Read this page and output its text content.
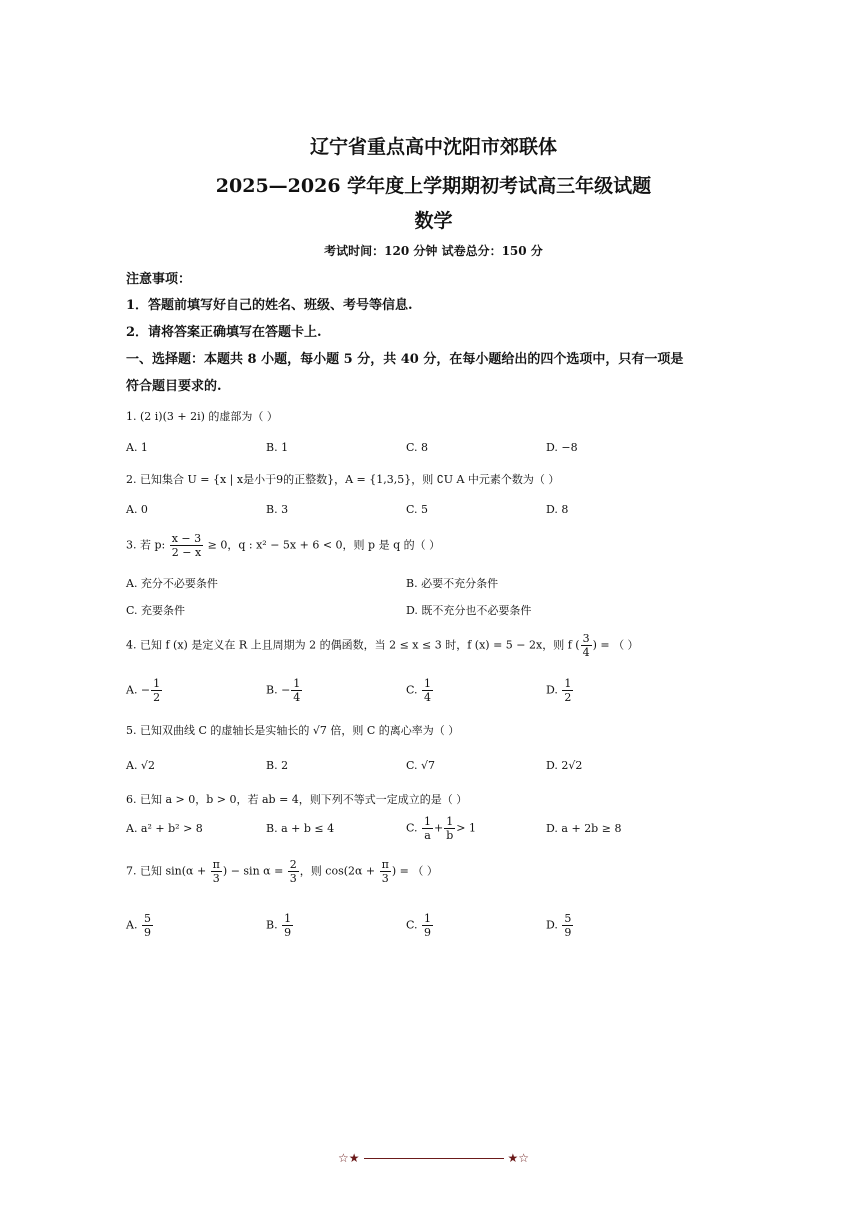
辽宁省重点高中沈阳市郊联体
2025—2026 学年度上学期期初考试高三年级试题
数学
考试时间：120 分钟 试卷总分：150 分
注意事项：
1．答题前填写好自己的姓名、班级、考号等信息.
2．请将答案正确填写在答题卡上.
一、选择题：本题共 8 小题，每小题 5 分，共 40 分，在每小题给出的四个选项中，只有一项是
符合题目要求的.
1. (2 i)(3 + 2i) 的虚部为（ ）
A. 1	B. 1	C. 8	D. −8
2. 已知集合 U = {x | x是小于9的正整数}，A = {1,3,5}，则 ∁U A 中元素个数为（ ）
A. 0	B. 3	C. 5	D. 8
3. 若 p: $\frac{x - 3}{2 - x} \ge 0$，q : x² − 5x + 6 < 0，则 p 是 q 的（ ）
A. 充分不必要条件	B. 必要不充分条件
C. 充要条件	D. 既不充分也不必要条件
4. 已知 f (x) 是定义在 R 上且周期为 2 的偶函数，当 2 ≤ x ≤ 3 时，f (x) = 5 − 2x，则 f ( $\frac{3}{4}$ ) = （ ）
A. − $\frac{1}{2}$	B. − $\frac{1}{4}$	C. $\frac{1}{4}$	D. $\frac{1}{2}$
5. 已知双曲线 C 的虚轴长是实轴长的 √7 倍，则 C 的离心率为（ ）
A. √2	B. 2	C. √7	D. 2√2
6. 已知 a > 0，b > 0，若 ab = 4，则下列不等式一定成立的是（ ）
A. a² + b² > 8	B. a + b ≤ 4	C. $\frac{1}{a} + \frac{1}{b} > 1$	D. a + 2b ≥ 8
7. 已知 $\sin(\alpha + \frac{\pi}{3}$ ) − $\sin \alpha = \frac{2}{3}$ ，则 $\cos(2\alpha + \frac{\pi}{3}$ ) = （ ）
A. $\frac{5}{9}$	B. $\frac{1}{9}$	C. $\frac{1}{9}$	D. $\frac{5}{9}$
☆★	★☆
